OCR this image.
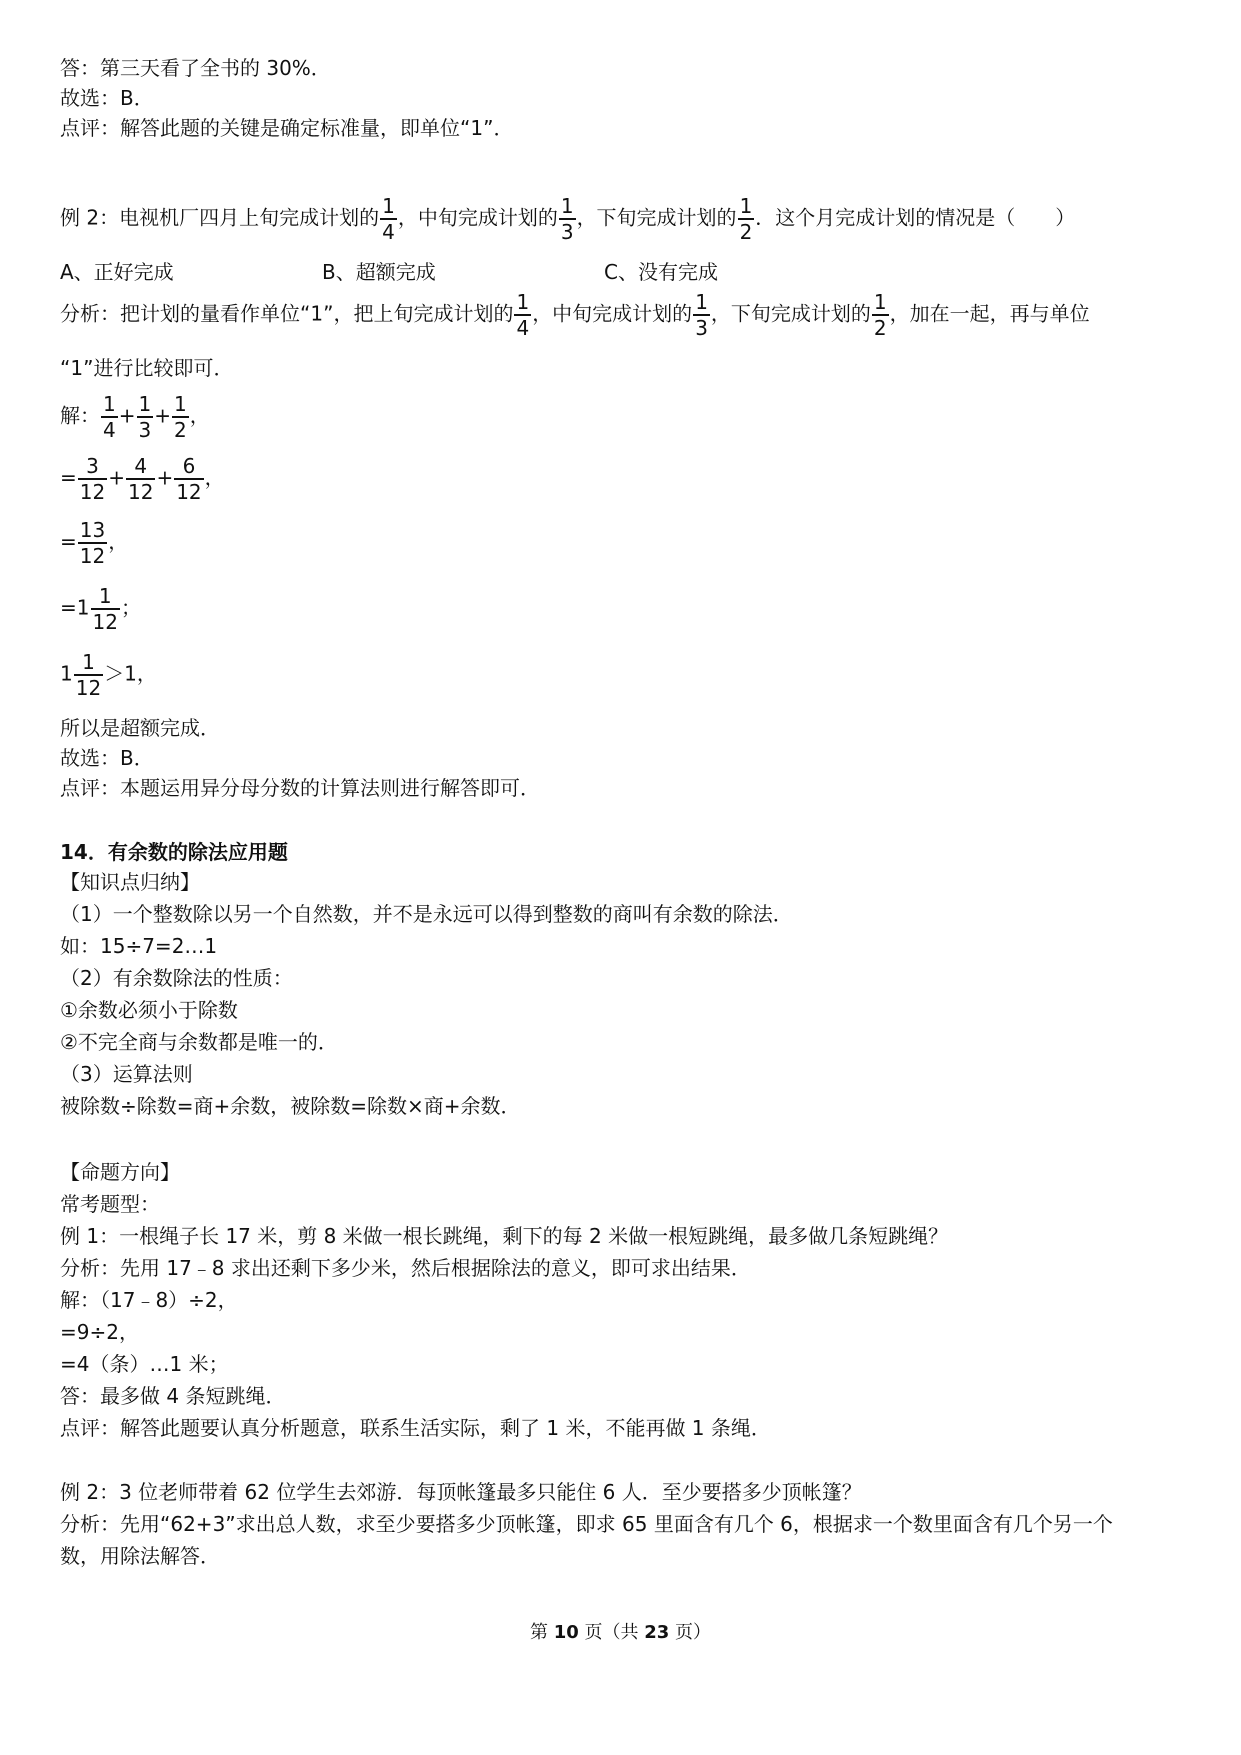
答：第三天看了全书的 30%．
故选：B．
点评：解答此题的关键是确定标准量，即单位“1”．
例 2：电视机厂四月上旬完成计划的 $\frac{1}{4}$ ，中旬完成计划的 $\frac{1}{3}$ ，下旬完成计划的 $\frac{1}{2}$ ．这个月完成计划的情况是（　　）
A、正好完成	B、超额完成	C、没有完成
分析：把计划的量看作单位“1”，把上旬完成计划的 $\frac{1}{4}$ ，中旬完成计划的 $\frac{1}{3}$ ，下旬完成计划的 $\frac{1}{2}$ ，加在一起，再与单位
“1”进行比较即可．
解： $\frac{1}{4} + \frac{1}{3} + \frac{1}{2}$ ，
= $\frac{3}{12} + \frac{4}{12} + \frac{6}{12}$ ，
= $\frac{13}{12}$ ，
$=1 \frac{1}{12}$ ；
$1 \frac{1}{12} >1$，
所以是超额完成．
故选：B．
点评：本题运用异分母分数的计算法则进行解答即可．
14．有余数的除法应用题
【知识点归纳】
（1）一个整数除以另一个自然数，并不是永远可以得到整数的商叫有余数的除法．
如：15÷7=2…1
（2）有余数除法的性质：
①余数必须小于除数
②不完全商与余数都是唯一的．
（3）运算法则
被除数÷除数=商+余数，被除数=除数×商+余数．
【命题方向】
常考题型：
例 1：一根绳子长 17 米，剪 8 米做一根长跳绳，剩下的每 2 米做一根短跳绳，最多做几条短跳绳？
分析：先用 17﹣8 求出还剩下多少米，然后根据除法的意义，即可求出结果．
解：（17﹣8）÷2，
=9÷2，
=4（条）…1 米；
答：最多做 4 条短跳绳．
点评：解答此题要认真分析题意，联系生活实际，剩了 1 米，不能再做 1 条绳．
例 2：3 位老师带着 62 位学生去郊游．每顶帐篷最多只能住 6 人．至少要搭多少顶帐篷？
分析：先用“62+3”求出总人数，求至少要搭多少顶帐篷，即求 65 里面含有几个 6，根据求一个数里面含有几个另一个
数，用除法解答．
第 10 页（共 23 页）
